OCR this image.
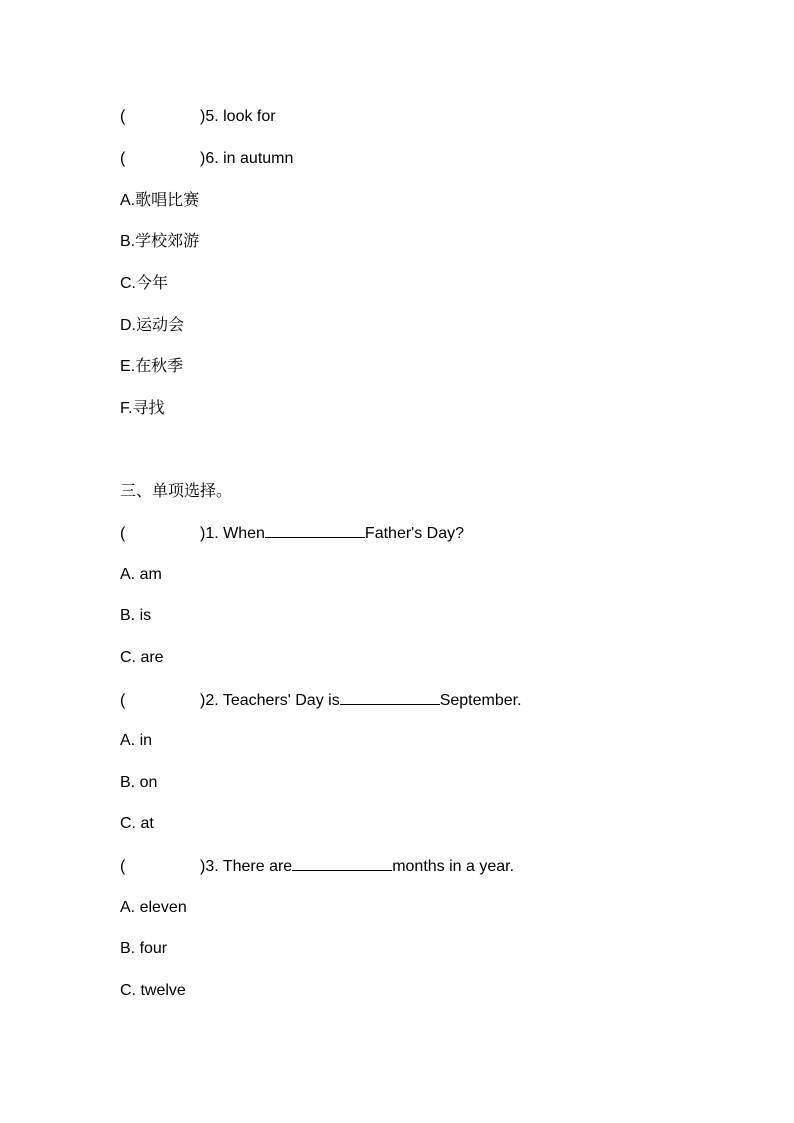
(	)5. look for
(	)6. in autumn
A.歌唱比赛
B.学校郊游
C.今年
D.运动会
E.在秋季
F.寻找
三、单项选择。
(	)1. When	Father's Day?
A. am
B. is
C. are
(	)2. Teachers' Day is	September.
A. in
B. on
C. at
(	)3. There are	months in a year.
A. eleven
B. four
C. twelve
